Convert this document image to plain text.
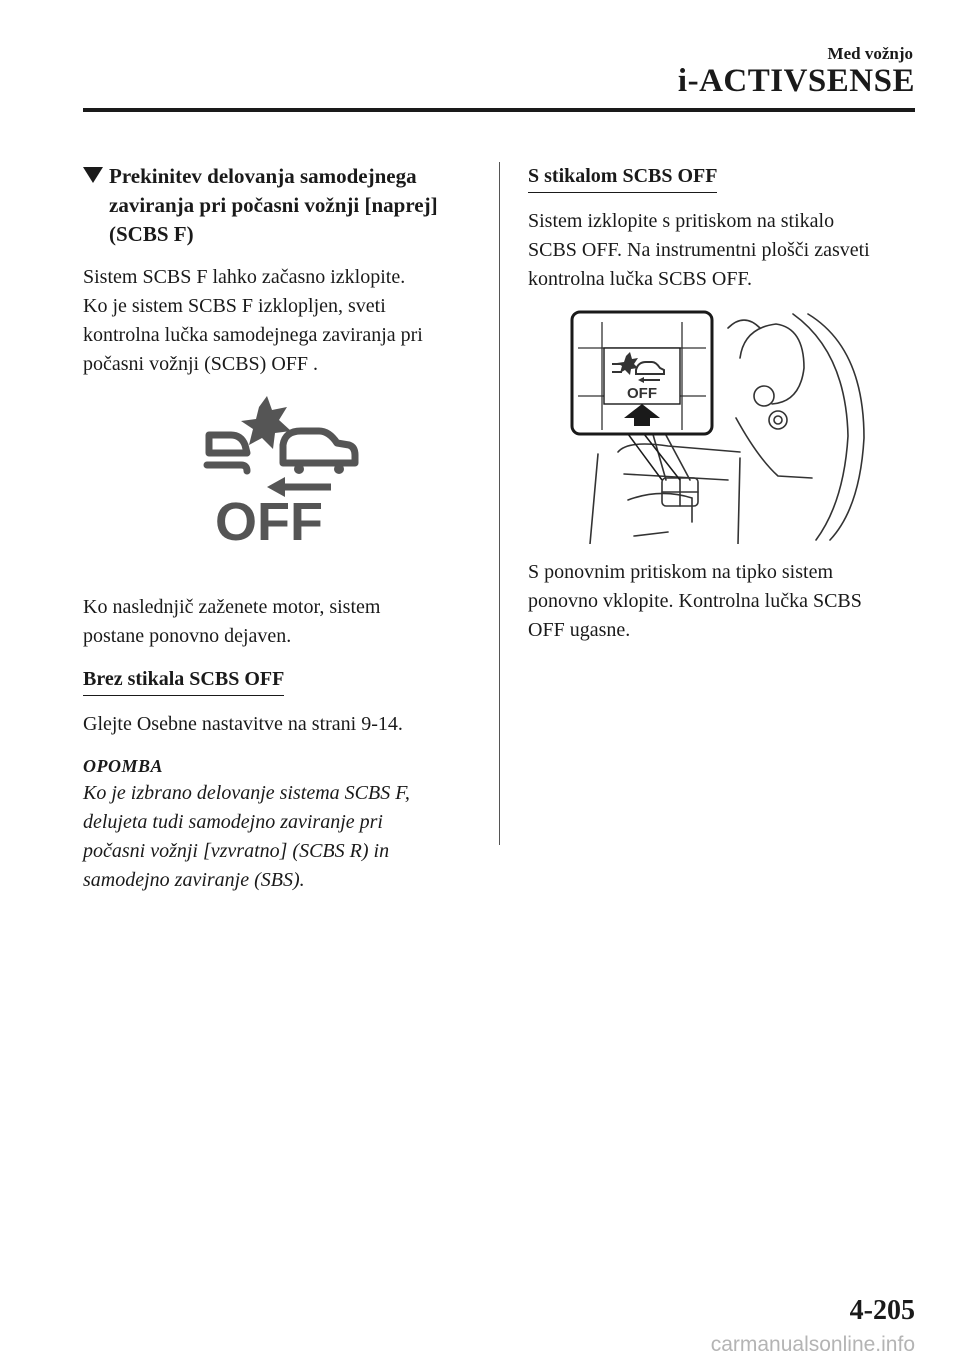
Med vožnjo
i-ACTIVSENSE
Prekinitev delovanja samodejnega zaviranja pri počasni vožnji [naprej] (SCBS F)

Sistem SCBS F lahko začasno izklopite.
Ko je sistem SCBS F izklopljen, sveti
kontrolna lučka samodejnega zaviranja pri
počasni vožnji (SCBS) OFF .

OFF

Ko naslednjič zaženete motor, sistem
postane ponovno dejaven.

Brez stikala SCBS OFF

Glejte Osebne nastavitve na strani 9-14.

OPOMBA

Ko je izbrano delovanje sistema SCBS F,
delujeta tudi samodejno zaviranje pri
počasni vožnji [vzvratno] (SCBS R) in
samodejno zaviranje (SBS).

S stikalom SCBS OFF

Sistem izklopite s pritiskom na stikalo
SCBS OFF. Na instrumentni plošči zasveti
kontrolna lučka SCBS OFF.

OFF

S ponovnim pritiskom na tipko sistem
ponovno vklopite. Kontrolna lučka SCBS
OFF ugasne.

4-205
carmanualsonline.info
